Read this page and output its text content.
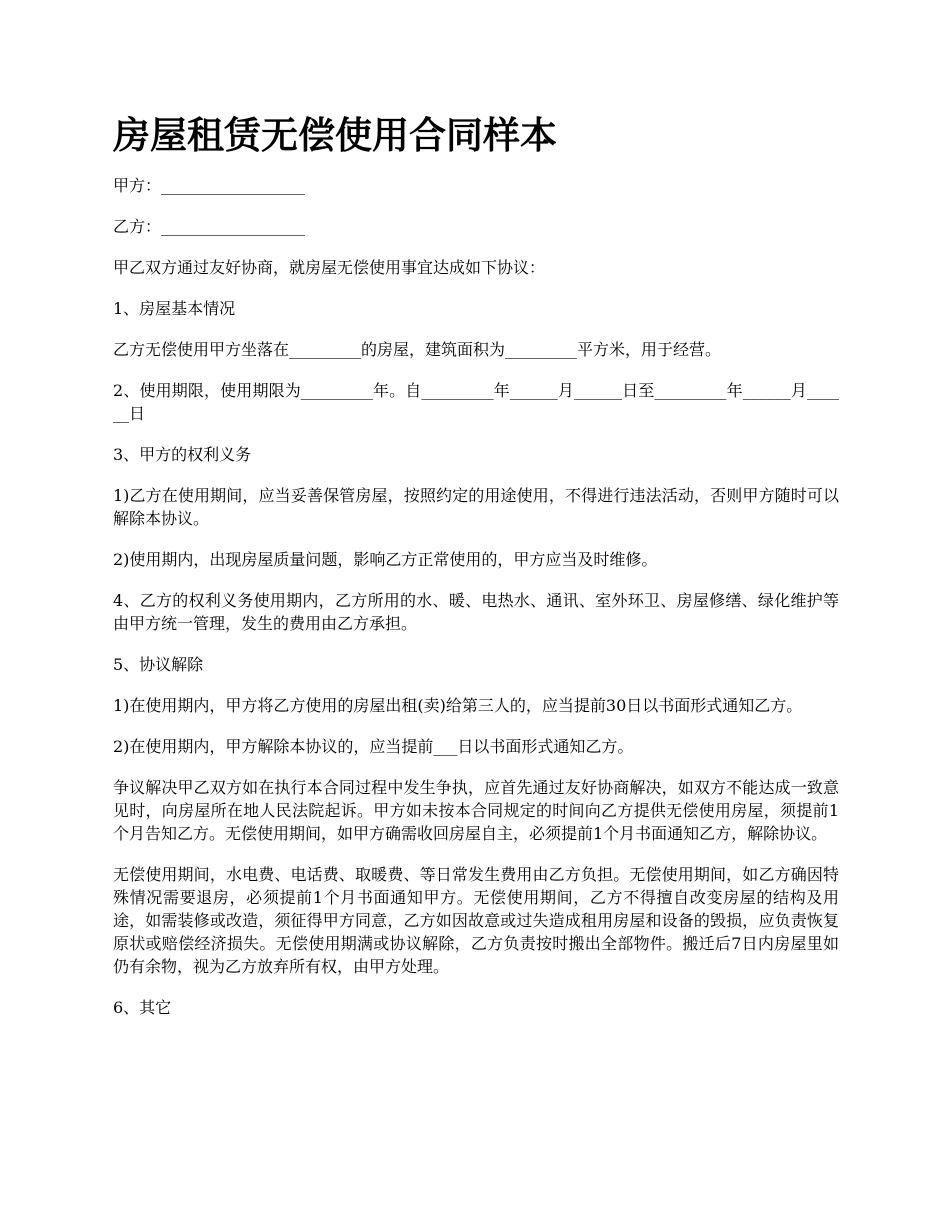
房屋租赁无偿使用合同样本

甲方：__________________

乙方：__________________

甲乙双方通过友好协商，就房屋无偿使用事宜达成如下协议：

1、房屋基本情况

乙方无偿使用甲方坐落在_________的房屋，建筑面积为_________平方米，用于经营。

2、使用期限，使用期限为_________年。自_________年______月______日至_________年______月______日

3、甲方的权利义务

1)乙方在使用期间，应当妥善保管房屋，按照约定的用途使用，不得进行违法活动，否则甲方随时可以解除本协议。

2)使用期内，出现房屋质量问题，影响乙方正常使用的，甲方应当及时维修。

4、乙方的权利义务使用期内，乙方所用的水、暖、电热水、通讯、室外环卫、房屋修缮、绿化维护等由甲方统一管理，发生的费用由乙方承担。

5、协议解除

1)在使用期内，甲方将乙方使用的房屋出租(卖)给第三人的，应当提前30日以书面形式通知乙方。

2)在使用期内，甲方解除本协议的，应当提前___日以书面形式通知乙方。

争议解决甲乙双方如在执行本合同过程中发生争执，应首先通过友好协商解决，如双方不能达成一致意见时，向房屋所在地人民法院起诉。甲方如未按本合同规定的时间向乙方提供无偿使用房屋，须提前1个月告知乙方。无偿使用期间，如甲方确需收回房屋自主，必须提前1个月书面通知乙方，解除协议。

无偿使用期间，水电费、电话费、取暖费、等日常发生费用由乙方负担。无偿使用期间，如乙方确因特殊情况需要退房，必须提前1个月书面通知甲方。无偿使用期间，乙方不得擅自改变房屋的结构及用途，如需装修或改造，须征得甲方同意，乙方如因故意或过失造成租用房屋和设备的毁损，应负责恢复原状或赔偿经济损失。无偿使用期满或协议解除，乙方负责按时搬出全部物件。搬迁后7日内房屋里如仍有余物，视为乙方放弃所有权，由甲方处理。

6、其它
